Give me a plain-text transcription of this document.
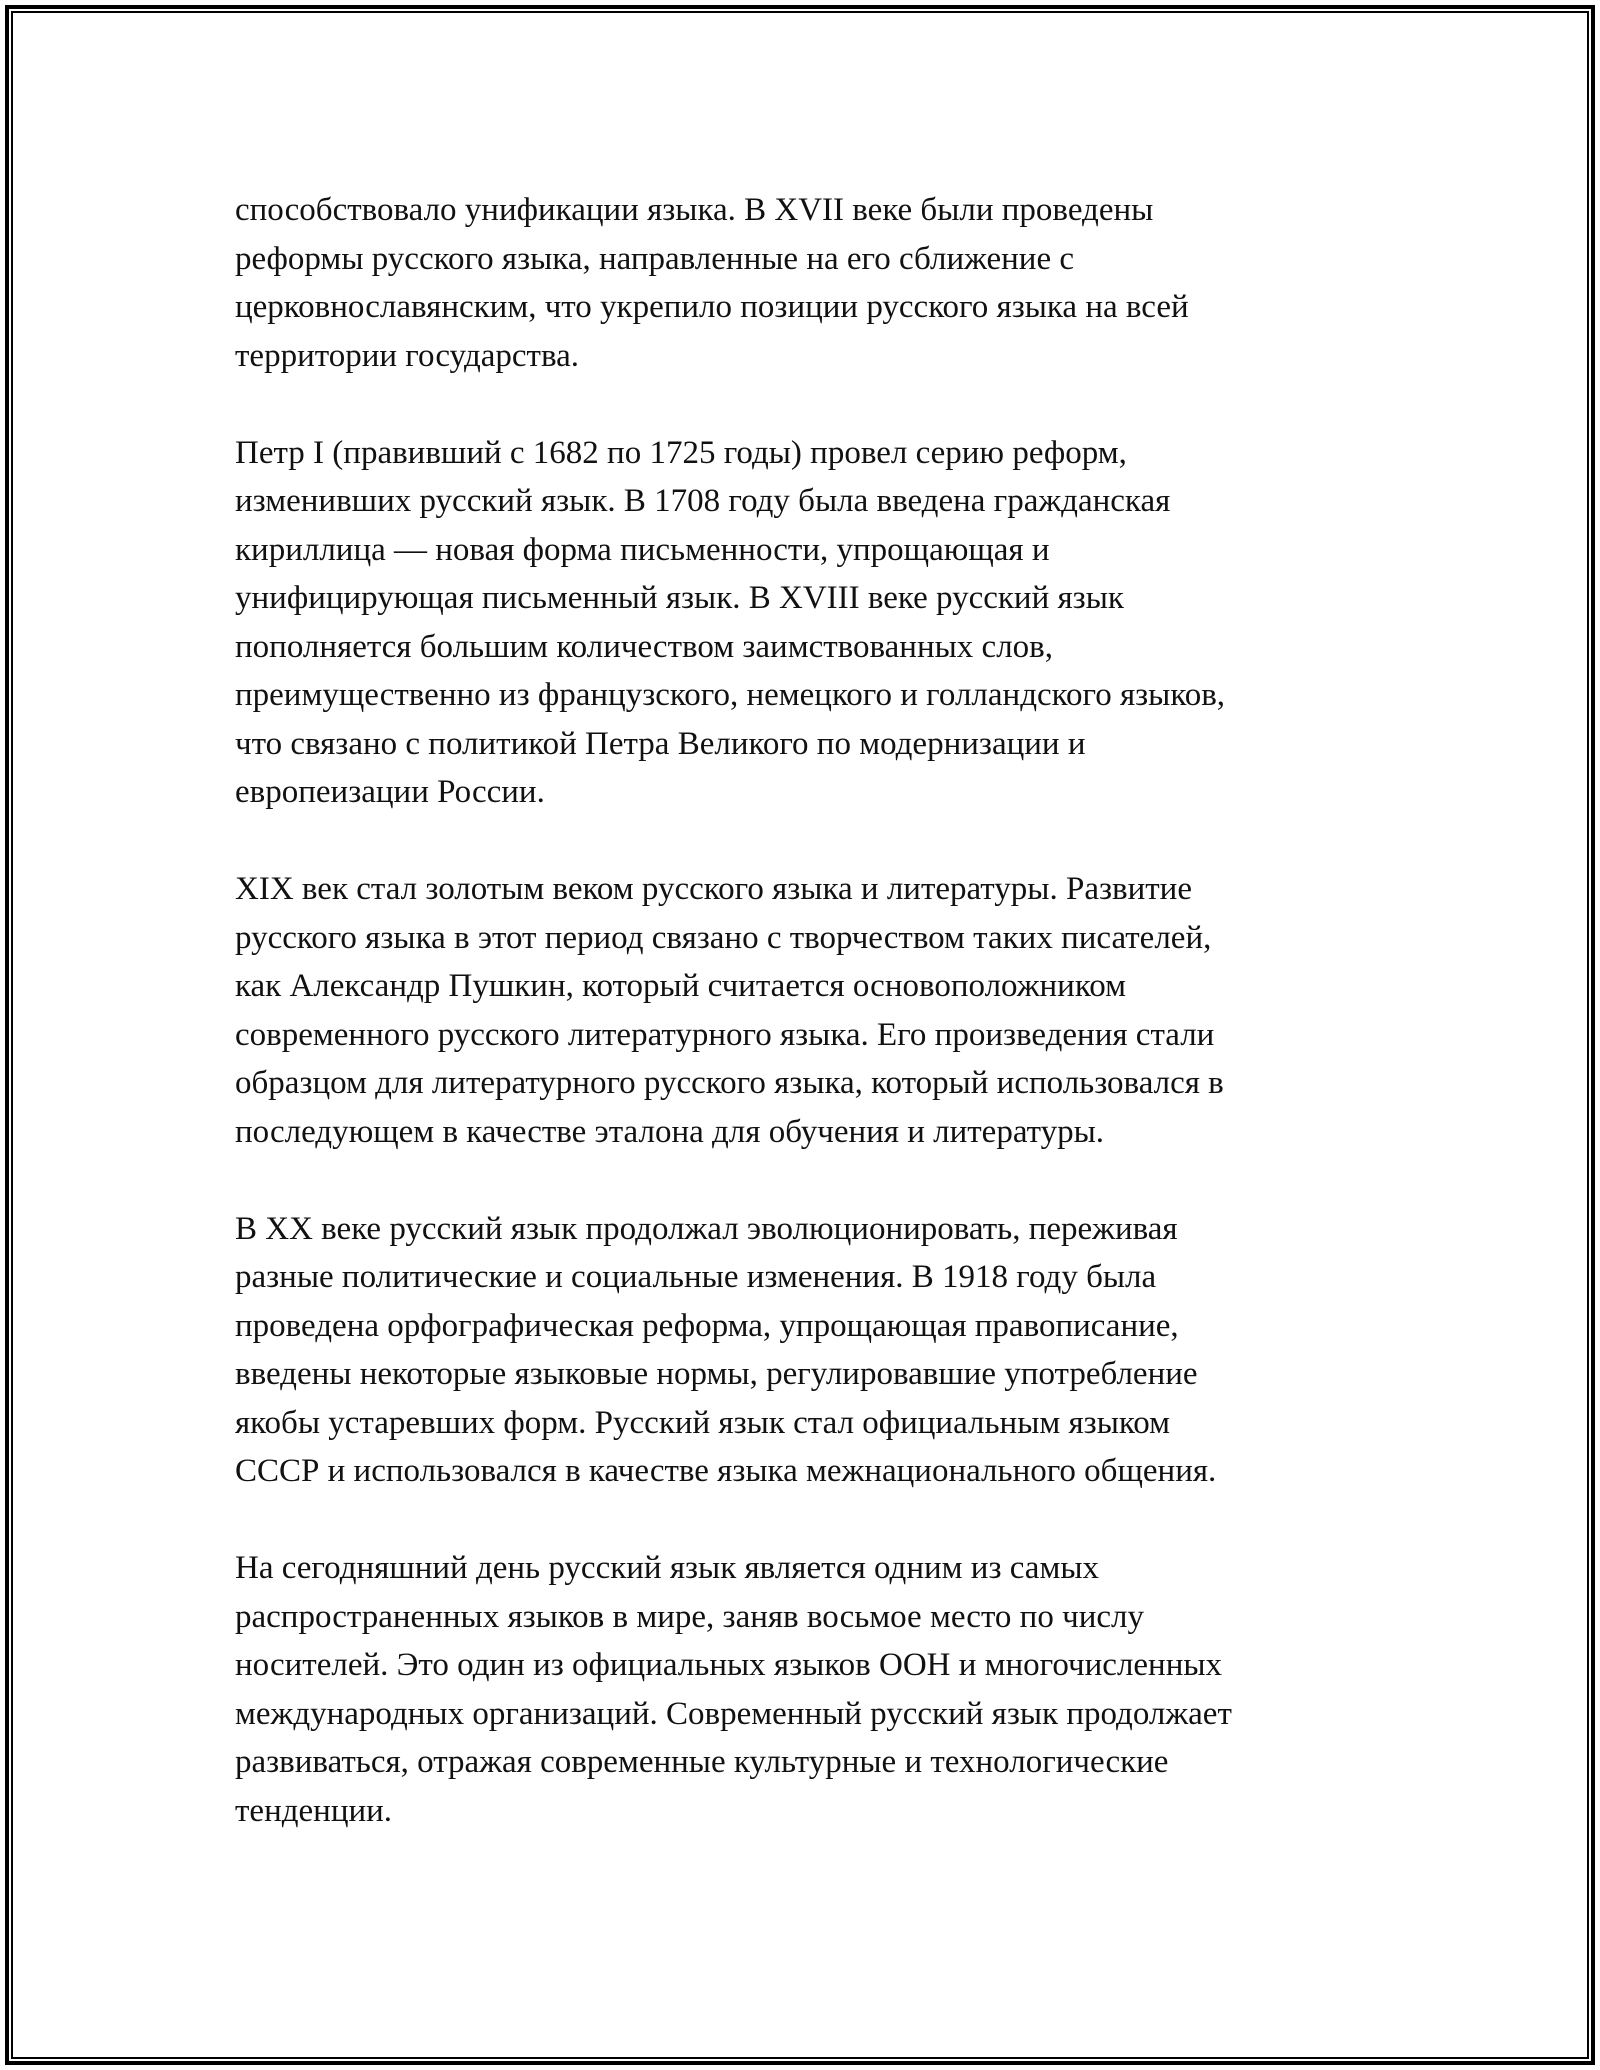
способствовало унификации языка. В XVII веке были проведены
реформы русского языка, направленные на его сближение с
церковнославянским, что укрепило позиции русского языка на всей
территории государства.

Петр I (правивший с 1682 по 1725 годы) провел серию реформ,
изменивших русский язык. В 1708 году была введена гражданская
кириллица — новая форма письменности, упрощающая и
унифицирующая письменный язык. В XVIII веке русский язык
пополняется большим количеством заимствованных слов,
преимущественно из французского, немецкого и голландского языков,
что связано с политикой Петра Великого по модернизации и
европеизации России.

XIX век стал золотым веком русского языка и литературы. Развитие
русского языка в этот период связано с творчеством таких писателей,
как Александр Пушкин, который считается основоположником
современного русского литературного языка. Его произведения стали
образцом для литературного русского языка, который использовался в
последующем в качестве эталона для обучения и литературы.

В XX веке русский язык продолжал эволюционировать, переживая
разные политические и социальные изменения. В 1918 году была
проведена орфографическая реформа, упрощающая правописание,
введены некоторые языковые нормы, регулировавшие употребление
якобы устаревших форм. Русский язык стал официальным языком
СССР и использовался в качестве языка межнационального общения.

На сегодняшний день русский язык является одним из самых
распространенных языков в мире, заняв восьмое место по числу
носителей. Это один из официальных языков ООН и многочисленных
международных организаций. Современный русский язык продолжает
развиваться, отражая современные культурные и технологические
тенденции.
